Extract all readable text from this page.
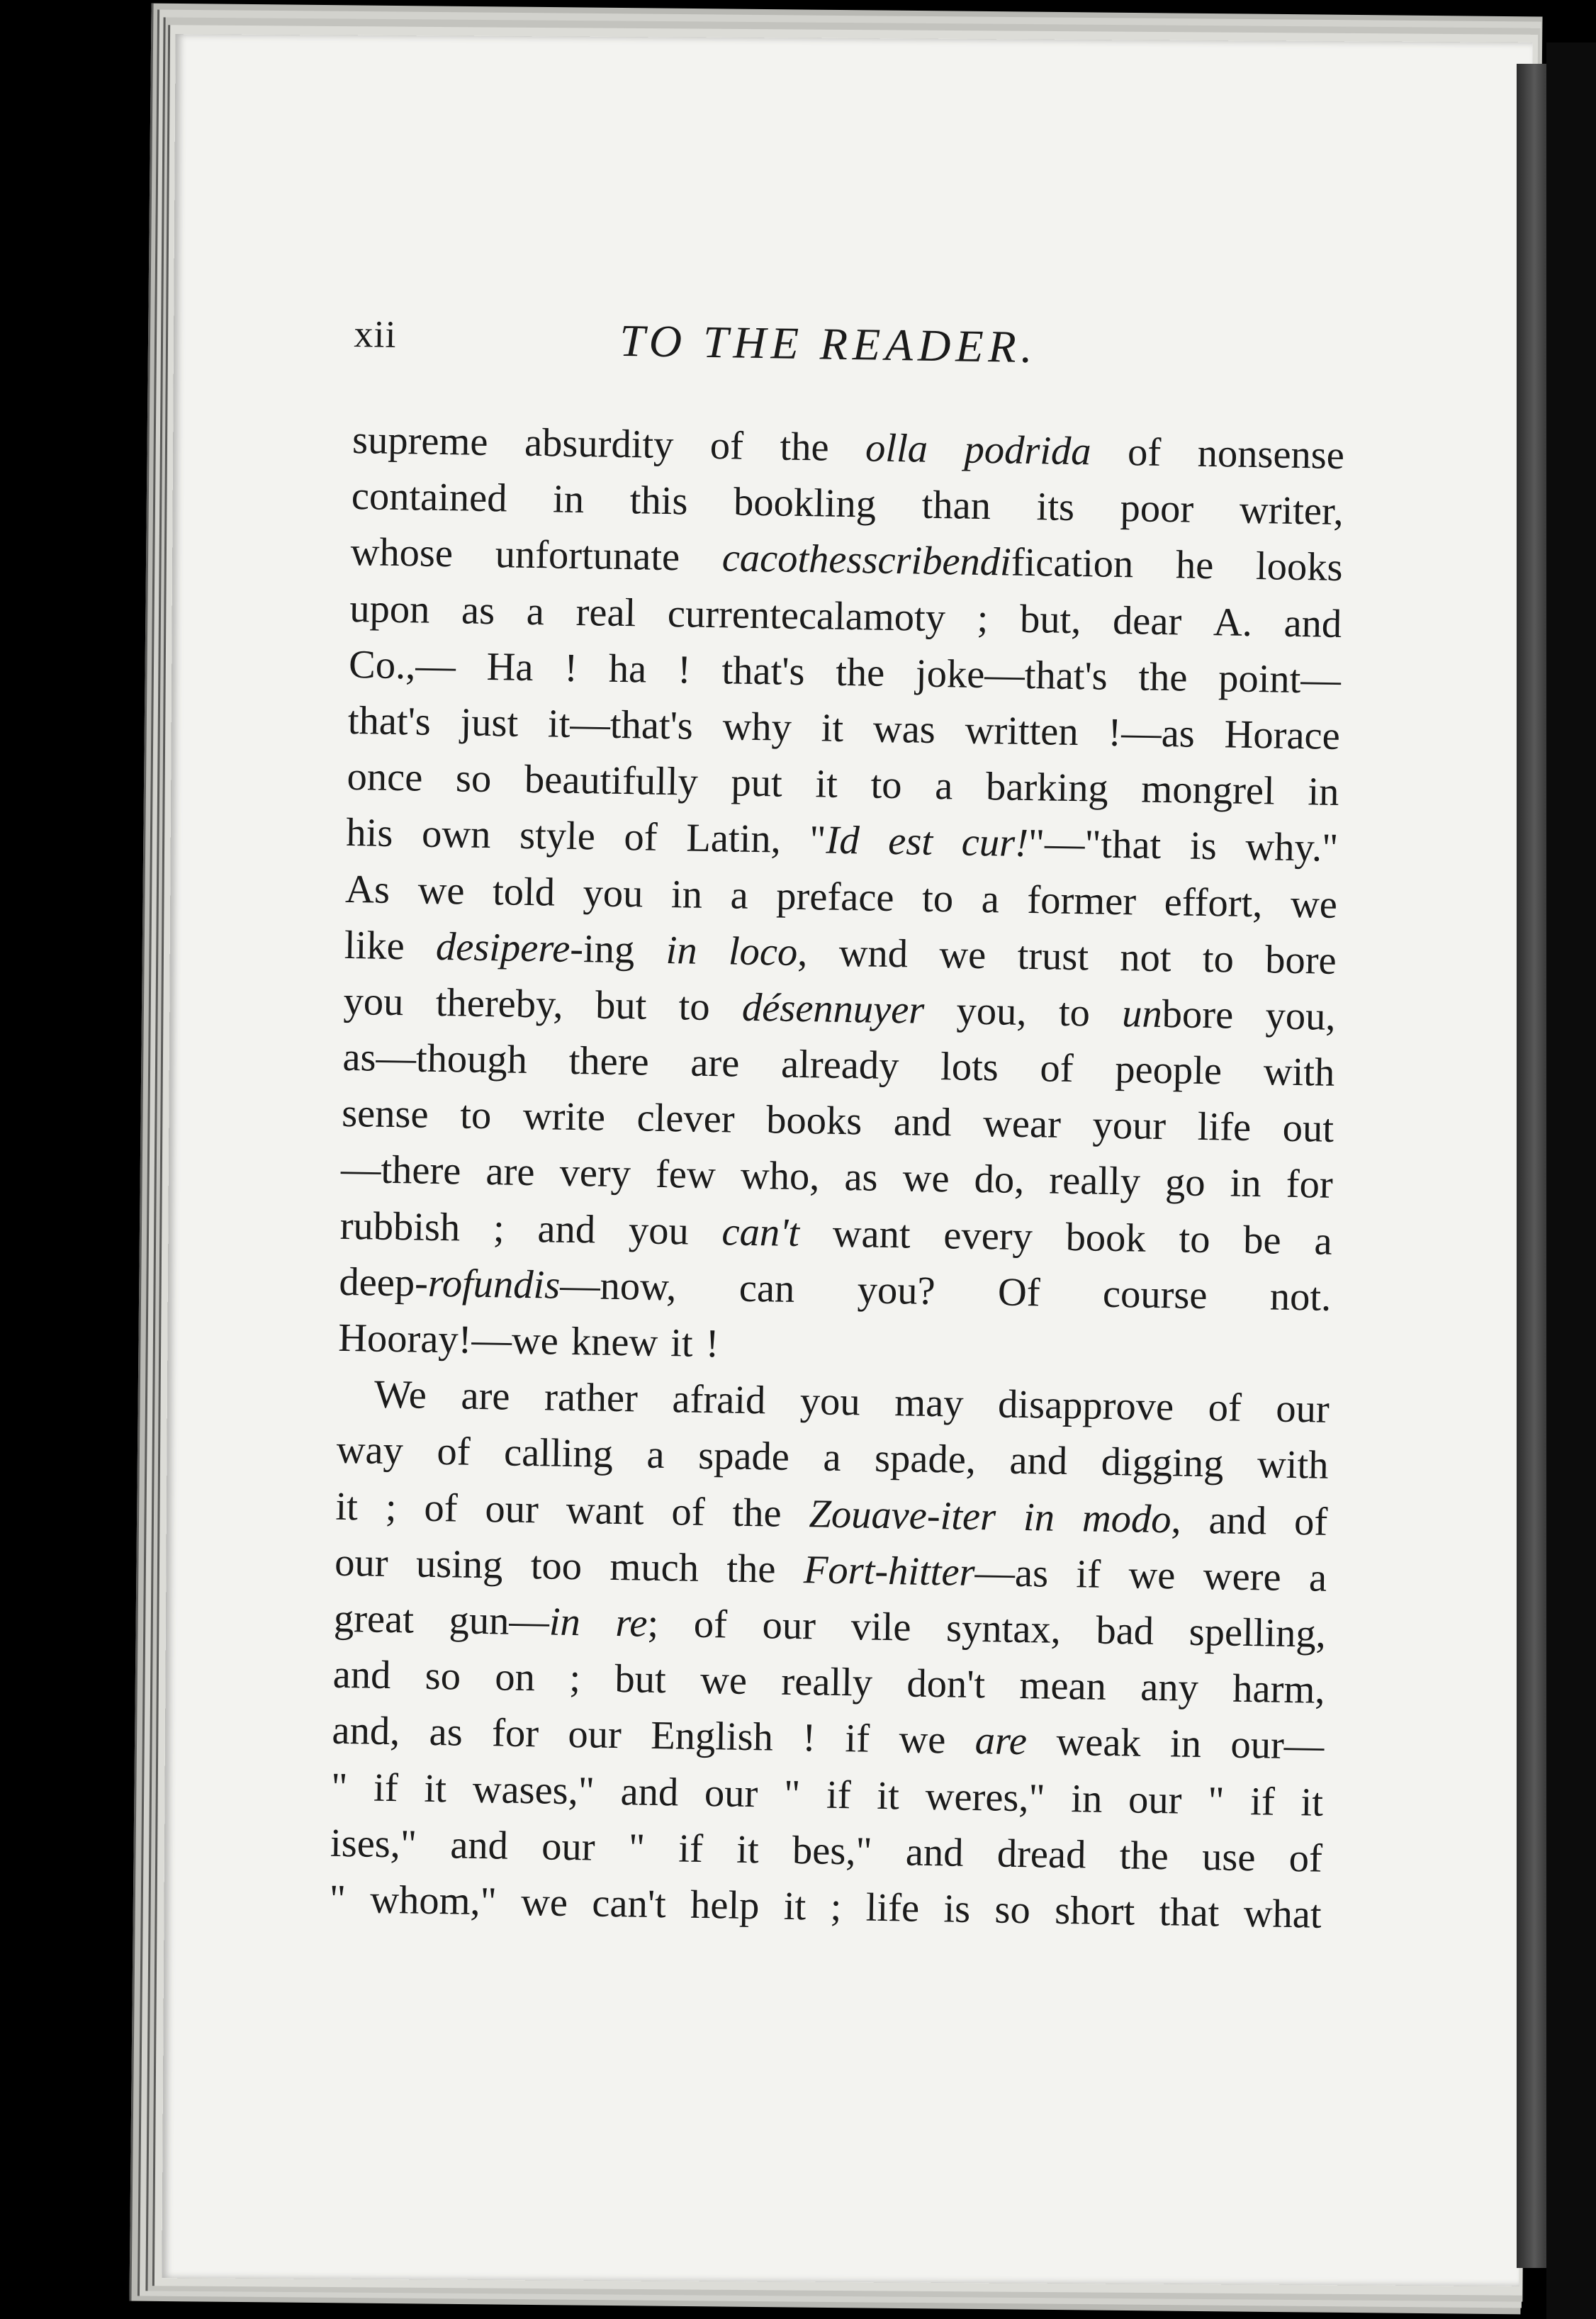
xii	TO THE READER.
supreme absurdity of the olla podrida of nonsense
contained in this bookling than its poor writer,
whose unfortunate cacothesscribendification he looks
upon as a real currentecalamoty ; but, dear A. and
Co.,— Ha ! ha ! that's the joke—that's the point—
that's just it—that's why it was written !—as Horace
once so beautifully put it to a barking mongrel in
his own style of Latin, "Id est cur!"—"that is why."
As we told you in a preface to a former effort, we
like desipere-ing in loco, wnd we trust not to bore
you thereby, but to désennuyer you, to unbore you,
as—though there are already lots of people with
sense to write clever books and wear your life out
—there are very few who, as we do, really go in for
rubbish ; and you can't want every book to be a
deep-rofundis—now, can you? Of course not.
Hooray!—we knew it !
We are rather afraid you may disapprove of our
way of calling a spade a spade, and digging with
it ; of our want of the Zouave-iter in modo, and of
our using too much the Fort-hitter—as if we were a
great gun—in re; of our vile syntax, bad spelling,
and so on ; but we really don't mean any harm,
and, as for our English ! if we are weak in our—
" if it wases," and our " if it weres," in our " if it
ises," and our " if it bes," and dread the use of
" whom," we can't help it ; life is so short that what
